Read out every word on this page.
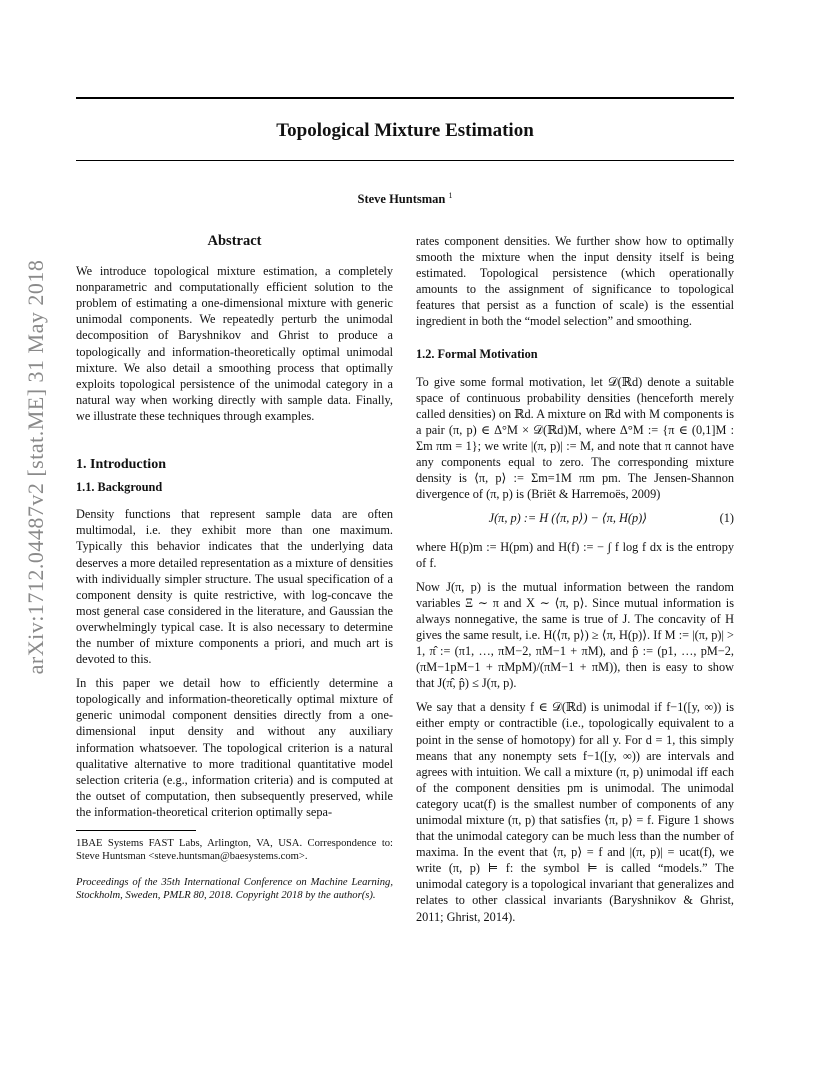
Topological Mixture Estimation
Steve Huntsman $^1$
arXiv:1712.04487v2 [stat.ME] 31 May 2018
Abstract

We introduce topological mixture estimation, a completely nonparametric and computationally efficient solution to the problem of estimating a one-dimensional mixture with generic unimodal components. We repeatedly perturb the unimodal decomposition of Baryshnikov and Ghrist to produce a topologically and information-theoretically optimal unimodal mixture. We also detail a smoothing process that optimally exploits topological persistence of the unimodal category in a natural way when working directly with sample data. Finally, we illustrate these techniques through examples.

1. Introduction
1.1. Background

Density functions that represent sample data are often multimodal, i.e. they exhibit more than one maximum. Typically this behavior indicates that the underlying data deserves a more detailed representation as a mixture of densities with individually simpler structure. The usual specification of a component density is quite restrictive, with log-concave the most general case considered in the literature, and Gaussian the overwhelmingly typical case. It is also necessary to determine the number of mixture components a priori, and much art is devoted to this.

In this paper we detail how to efficiently determine a topologically and information-theoretically optimal mixture of generic unimodal component densities directly from a one-dimensional input density and without any auxiliary information whatsoever. The topological criterion is a natural qualitative alternative to more traditional quantitative model selection criteria (e.g., information criteria) and is computed at the outset of computation, then subsequently preserved, while the information-theoretical criterion optimally sepa-

1BAE Systems FAST Labs, Arlington, VA, USA. Correspondence to: Steve Huntsman <steve.huntsman@baesystems.com>.
Proceedings of the 35th International Conference on Machine Learning, Stockholm, Sweden, PMLR 80, 2018. Copyright 2018 by the author(s).

rates component densities. We further show how to optimally smooth the mixture when the input density itself is being estimated. Topological persistence (which operationally amounts to the assignment of significance to topological features that persist as a function of scale) is the essential ingredient in both the “model selection” and smoothing.

1.2. Formal Motivation

To give some formal motivation, let 𝒟(ℝd) denote a suitable space of continuous probability densities (henceforth merely called densities) on ℝd. A mixture on ℝd with M components is a pair (π, p) ∈ Δ°M × 𝒟(ℝd)M, where Δ°M := {π ∈ (0,1]M : Σm πm = 1}; we write |(π, p)| := M, and note that π cannot have any components equal to zero. The corresponding mixture density is ⟨π, p⟩ := Σm=1M πm pm. The Jensen-Shannon divergence of (π, p) is (Briët & Harremoës, 2009)

J(π, p) := H (⟨π, p⟩) − ⟨π, H(p)⟩	(1)

where H(p)m := H(pm) and H(f) := − ∫ f log f dx is the entropy of f.

Now J(π, p) is the mutual information between the random variables Ξ ∼ π and X ∼ ⟨π, p⟩. Since mutual information is always nonnegative, the same is true of J. The concavity of H gives the same result, i.e. H(⟨π, p⟩) ≥ ⟨π, H(p)⟩. If M := |(π, p)| > 1, π̂ := (π1, …, πM−2, πM−1 + πM), and p̂ := (p1, …, pM−2, (πM−1pM−1 + πMpM)/(πM−1 + πM)), then is easy to show that J(π̂, p̂) ≤ J(π, p).

We say that a density f ∈ 𝒟(ℝd) is unimodal if f−1([y, ∞)) is either empty or contractible (i.e., topologically equivalent to a point in the sense of homotopy) for all y. For d = 1, this simply means that any nonempty sets f−1([y, ∞)) are intervals and agrees with intuition. We call a mixture (π, p) unimodal iff each of the component densities pm is unimodal. The unimodal category ucat(f) is the smallest number of components of any unimodal mixture (π, p) that satisfies ⟨π, p⟩ = f. Figure 1 shows that the unimodal category can be much less than the number of maxima. In the event that ⟨π, p⟩ = f and |(π, p)| = ucat(f), we write (π, p) ⊨ f: the symbol ⊨ is called “models.” The unimodal category is a topological invariant that generalizes and relates to other classical invariants (Baryshnikov & Ghrist, 2011; Ghrist, 2014).
